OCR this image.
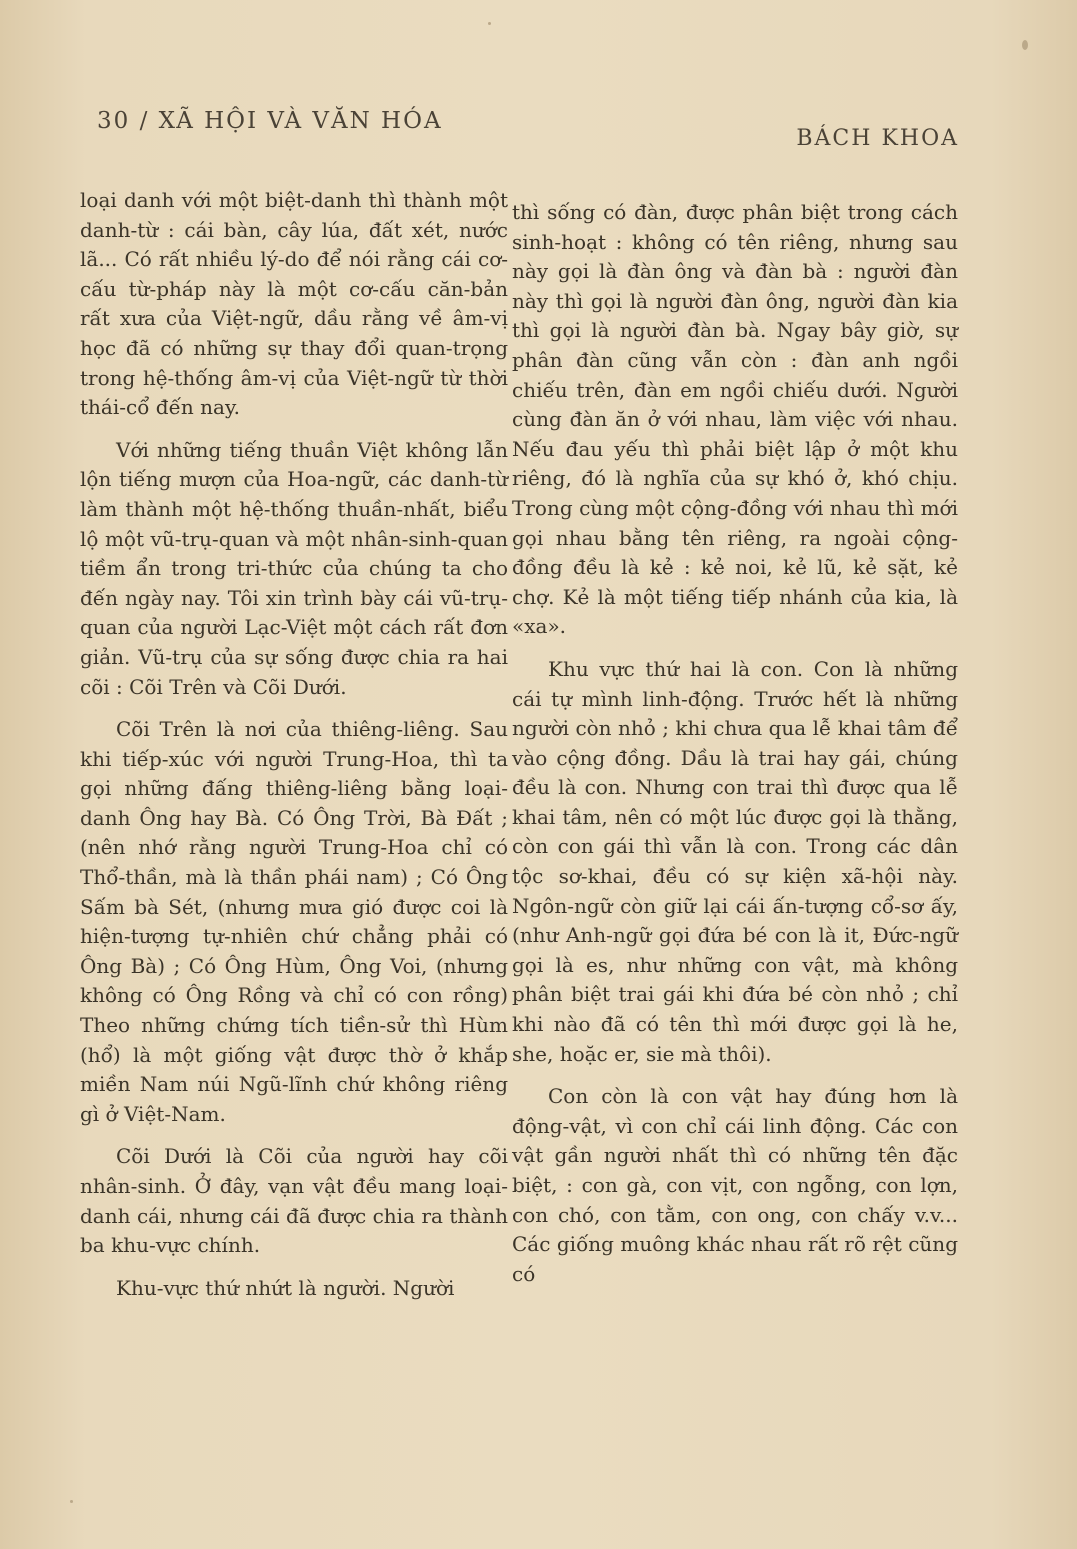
30 / XÃ HỘI VÀ VĂN HÓA
BÁCH KHOA

loại danh với một biệt-danh thì thành một danh-từ : cái bàn, cây lúa, đất xét, nước lã... Có rất nhiều lý-do để nói rằng cái cơ-cấu từ-pháp này là một cơ-cấu căn-bản rất xưa của Việt-ngữ, dầu rằng về âm-vị học đã có những sự thay đổi quan-trọng trong hệ-thống âm-vị của Việt-ngữ từ thời thái-cổ đến nay.

Với những tiếng thuần Việt không lẫn lộn tiếng mượn của Hoa-ngữ, các danh-từ làm thành một hệ-thống thuần-nhất, biểu lộ một vũ-trụ-quan và một nhân-sinh-quan tiềm ẩn trong tri-thức của chúng ta cho đến ngày nay. Tôi xin trình bày cái vũ-trụ-quan của người Lạc-Việt một cách rất đơn giản. Vũ-trụ của sự sống được chia ra hai cõi : Cõi Trên và Cõi Dưới.

Cõi Trên là nơi của thiêng-liêng. Sau khi tiếp-xúc với người Trung-Hoa, thì ta gọi những đấng thiêng-liêng bằng loại-danh Ông hay Bà. Có Ông Trời, Bà Đất ; (nên nhớ rằng người Trung-Hoa chỉ có Thổ-thần, mà là thần phái nam) ; Có Ông Sấm bà Sét, (nhưng mưa gió được coi là hiện-tượng tự-nhiên chứ chẳng phải có Ông Bà) ; Có Ông Hùm, Ông Voi, (nhưng không có Ông Rồng và chỉ có con rồng) Theo những chứng tích tiền-sử thì Hùm (hổ) là một giống vật được thờ ở khắp miền Nam núi Ngũ-lĩnh chứ không riêng gì ở Việt-Nam.

Cõi Dưới là Cõi của người hay cõi nhân-sinh. Ở đây, vạn vật đều mang loại-danh cái, nhưng cái đã được chia ra thành ba khu-vực chính.

Khu-vực thứ nhứt là người. Người

thì sống có đàn, được phân biệt trong cách sinh-hoạt : không có tên riêng, nhưng sau này gọi là đàn ông và đàn bà : người đàn này thì gọi là người đàn ông, người đàn kia thì gọi là người đàn bà. Ngay bây giờ, sự phân đàn cũng vẫn còn : đàn anh ngồi chiếu trên, đàn em ngồi chiếu dưới. Người cùng đàn ăn ở với nhau, làm việc với nhau. Nếu đau yếu thì phải biệt lập ở một khu riêng, đó là nghĩa của sự khó ở, khó chịu. Trong cùng một cộng-đồng với nhau thì mới gọi nhau bằng tên riêng, ra ngoài cộng-đồng đều là kẻ : kẻ noi, kẻ lũ, kẻ sặt, kẻ chợ. Kẻ là một tiếng tiếp nhánh của kia, là «xa».

Khu vực thứ hai là con. Con là những cái tự mình linh-động. Trước hết là những người còn nhỏ ; khi chưa qua lễ khai tâm để vào cộng đồng. Dầu là trai hay gái, chúng đều là con. Nhưng con trai thì được qua lễ khai tâm, nên có một lúc được gọi là thằng, còn con gái thì vẫn là con. Trong các dân tộc sơ-khai, đều có sự kiện xã-hội này. Ngôn-ngữ còn giữ lại cái ấn-tượng cổ-sơ ấy, (như Anh-ngữ gọi đứa bé con là it, Đức-ngữ gọi là es, như những con vật, mà không phân biệt trai gái khi đứa bé còn nhỏ ; chỉ khi nào đã có tên thì mới được gọi là he, she, hoặc er, sie mà thôi).

Con còn là con vật hay đúng hơn là động-vật, vì con chỉ cái linh động. Các con vật gần người nhất thì có những tên đặc biệt, : con gà, con vịt, con ngỗng, con lợn, con chó, con tằm, con ong, con chấy v.v... Các giống muông khác nhau rất rõ rệt cũng có
